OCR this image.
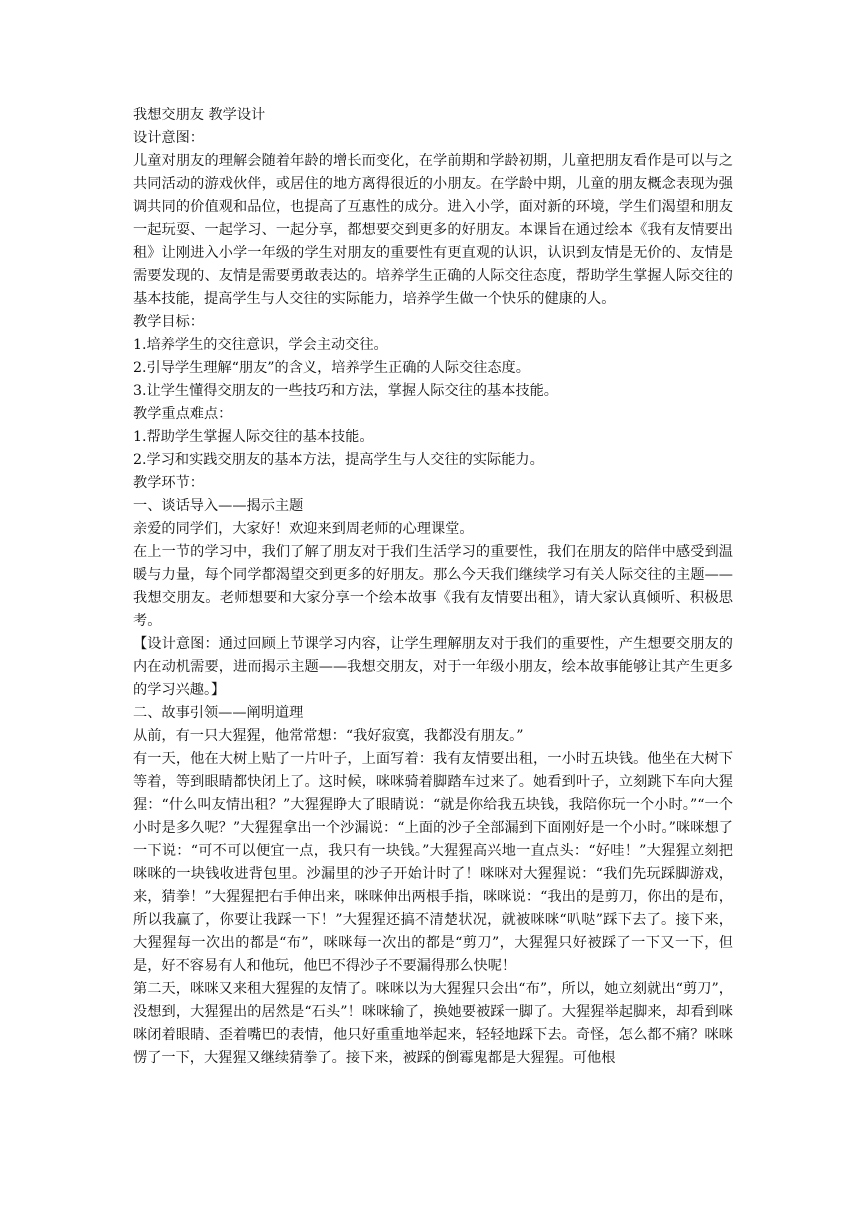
我想交朋友 教学设计

设计意图：

儿童对朋友的理解会随着年龄的增长而变化，在学前期和学龄初期，儿童把朋友看作是可以与之共同活动的游戏伙伴，或居住的地方离得很近的小朋友。在学龄中期，儿童的朋友概念表现为强调共同的价值观和品位，也提高了互惠性的成分。进入小学，面对新的环境，学生们渴望和朋友一起玩耍、一起学习、一起分享，都想要交到更多的好朋友。本课旨在通过绘本《我有友情要出租》让刚进入小学一年级的学生对朋友的重要性有更直观的认识，认识到友情是无价的、友情是需要发现的、友情是需要勇敢表达的。培养学生正确的人际交往态度，帮助学生掌握人际交往的基本技能，提高学生与人交往的实际能力，培养学生做一个快乐的健康的人。

教学目标：

1.培养学生的交往意识，学会主动交往。

2.引导学生理解“朋友”的含义，培养学生正确的人际交往态度。

3.让学生懂得交朋友的一些技巧和方法，掌握人际交往的基本技能。

教学重点难点：

1.帮助学生掌握人际交往的基本技能。

2.学习和实践交朋友的基本方法，提高学生与人交往的实际能力。

教学环节：

一、谈话导入——揭示主题

亲爱的同学们，大家好！欢迎来到周老师的心理课堂。

在上一节的学习中，我们了解了朋友对于我们生活学习的重要性，我们在朋友的陪伴中感受到温暖与力量，每个同学都渴望交到更多的好朋友。那么今天我们继续学习有关人际交往的主题——我想交朋友。老师想要和大家分享一个绘本故事《我有友情要出租》，请大家认真倾听、积极思考。

【设计意图：通过回顾上节课学习内容，让学生理解朋友对于我们的重要性，产生想要交朋友的内在动机需要，进而揭示主题——我想交朋友，对于一年级小朋友，绘本故事能够让其产生更多的学习兴趣。】

二、故事引领——阐明道理

从前，有一只大猩猩，他常常想：“我好寂寞，我都没有朋友。”

有一天，他在大树上贴了一片叶子，上面写着：我有友情要出租，一小时五块钱。他坐在大树下等着，等到眼睛都快闭上了。这时候，咪咪骑着脚踏车过来了。她看到叶子，立刻跳下车向大猩猩：“什么叫友情出租？”大猩猩睁大了眼睛说：“就是你给我五块钱，我陪你玩一个小时。”“一个小时是多久呢？”大猩猩拿出一个沙漏说：“上面的沙子全部漏到下面刚好是一个小时。”咪咪想了一下说：“可不可以便宜一点，我只有一块钱。”大猩猩高兴地一直点头：“好哇！”大猩猩立刻把咪咪的一块钱收进背包里。沙漏里的沙子开始计时了！咪咪对大猩猩说：“我们先玩踩脚游戏，来，猜拳！”大猩猩把右手伸出来，咪咪伸出两根手指，咪咪说：“我出的是剪刀，你出的是布，所以我赢了，你要让我踩一下！”大猩猩还搞不清楚状况，就被咪咪“叭哒”踩下去了。接下来，大猩猩每一次出的都是“布”，咪咪每一次出的都是“剪刀”，大猩猩只好被踩了一下又一下，但是，好不容易有人和他玩，他巴不得沙子不要漏得那么快呢！

第二天，咪咪又来租大猩猩的友情了。咪咪以为大猩猩只会出“布”，所以，她立刻就出“剪刀”，没想到，大猩猩出的居然是“石头”！咪咪输了，换她要被踩一脚了。大猩猩举起脚来，却看到咪咪闭着眼睛、歪着嘴巴的表情，他只好重重地举起来，轻轻地踩下去。奇怪，怎么都不痛？咪咪愣了一下，大猩猩又继续猜拳了。接下来，被踩的倒霉鬼都是大猩猩。可他根
